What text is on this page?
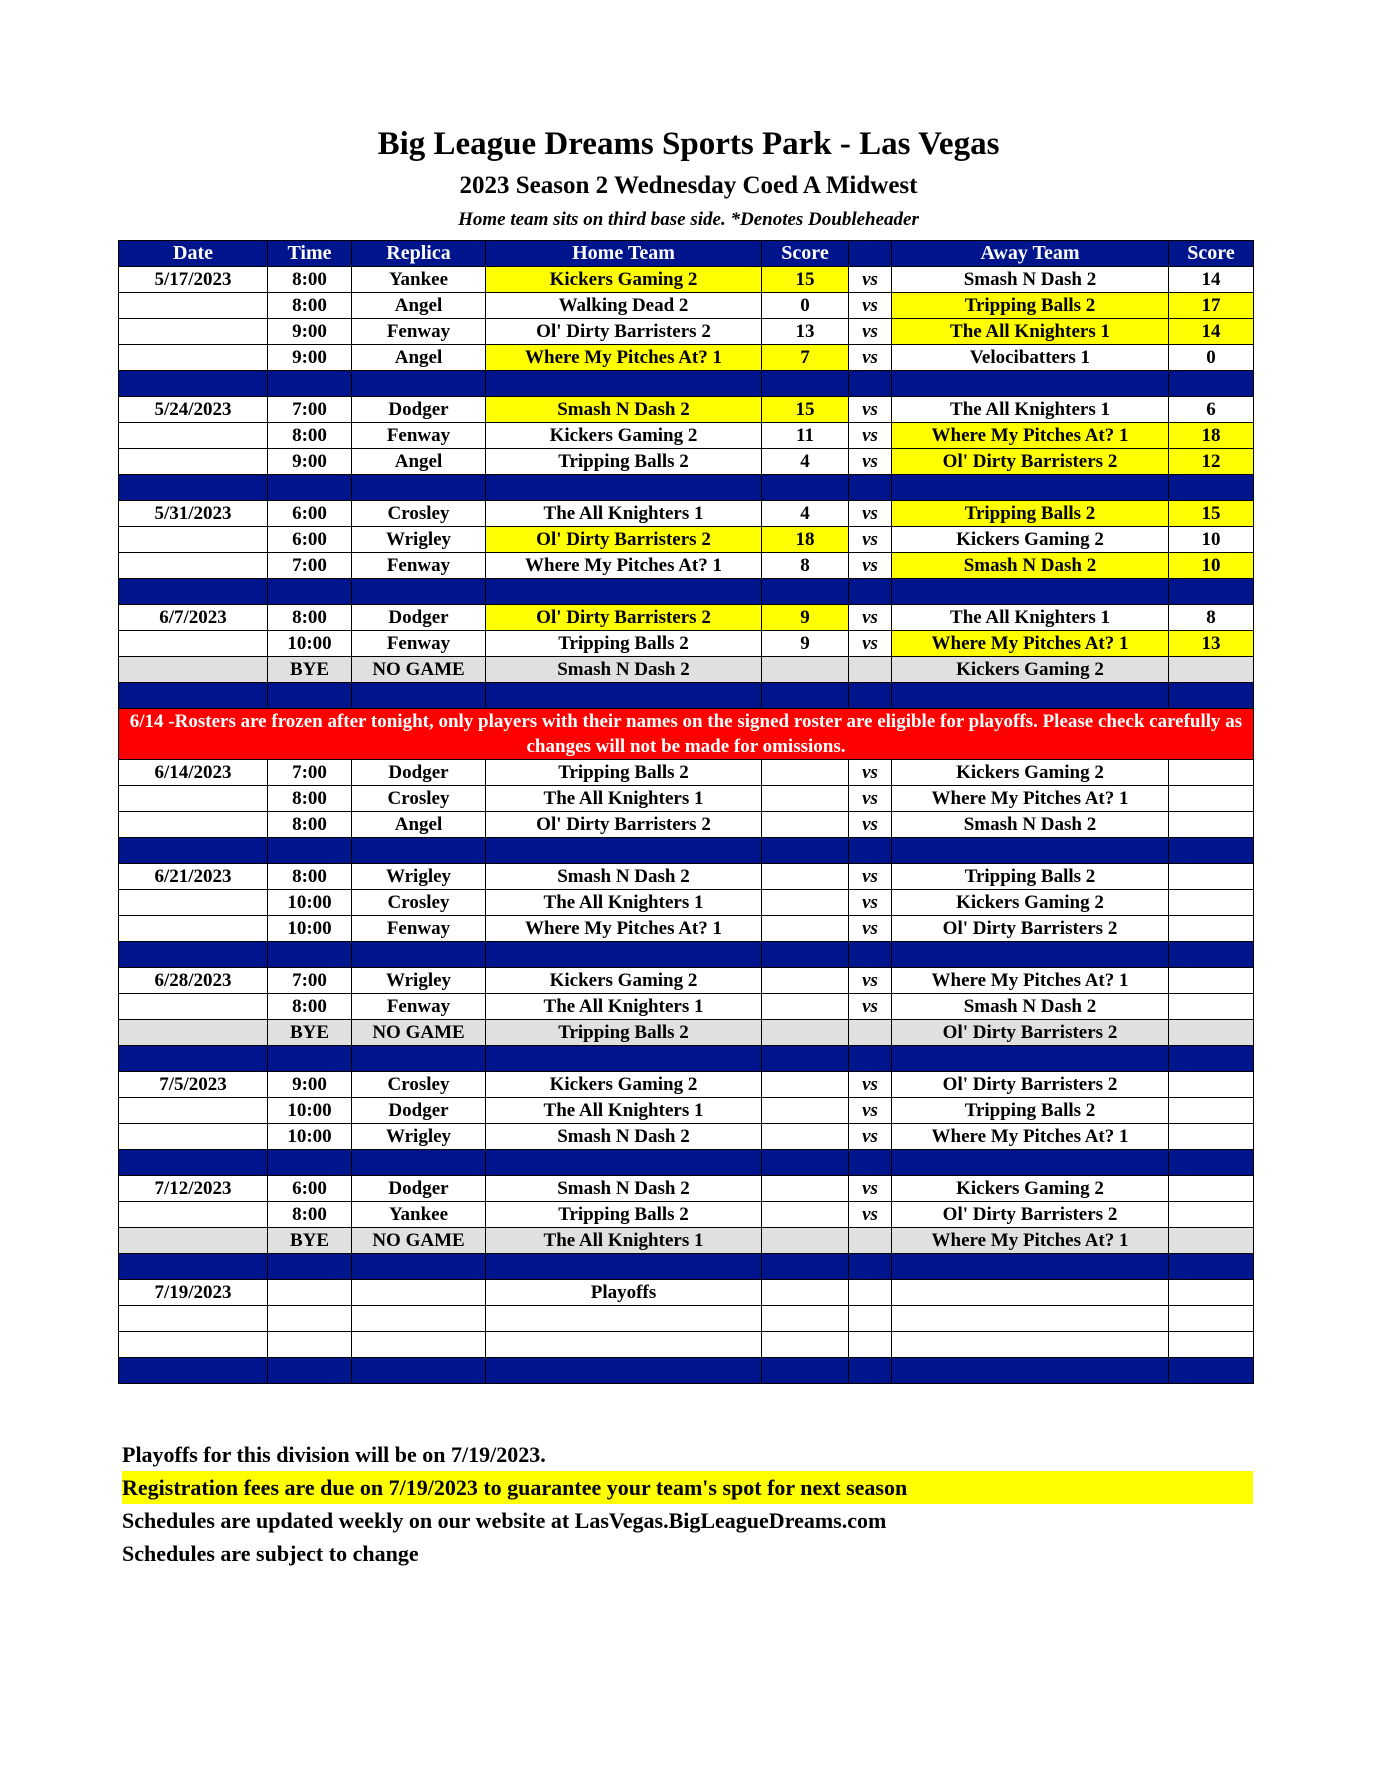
Big League Dreams Sports Park - Las Vegas
2023 Season 2 Wednesday Coed A Midwest
Home team sits on third base side. *Denotes Doubleheader
Date	Time	Replica	Home Team	Score		Away Team	Score
5/17/2023	8:00	Yankee	Kickers Gaming 2	15	vs	Smash N Dash 2	14
	8:00	Angel	Walking Dead 2	0	vs	Tripping Balls 2	17
	9:00	Fenway	Ol' Dirty Barristers 2	13	vs	The All Knighters 1	14
	9:00	Angel	Where My Pitches At? 1	7	vs	Velocibatters 1	0

5/24/2023	7:00	Dodger	Smash N Dash 2	15	vs	The All Knighters 1	6
	8:00	Fenway	Kickers Gaming 2	11	vs	Where My Pitches At? 1	18
	9:00	Angel	Tripping Balls 2	4	vs	Ol' Dirty Barristers 2	12

5/31/2023	6:00	Crosley	The All Knighters 1	4	vs	Tripping Balls 2	15
	6:00	Wrigley	Ol' Dirty Barristers 2	18	vs	Kickers Gaming 2	10
	7:00	Fenway	Where My Pitches At? 1	8	vs	Smash N Dash 2	10

6/7/2023	8:00	Dodger	Ol' Dirty Barristers 2	9	vs	The All Knighters 1	8
	10:00	Fenway	Tripping Balls 2	9	vs	Where My Pitches At? 1	13
	BYE	NO GAME	Smash N Dash 2			Kickers Gaming 2	

6/14 -Rosters are frozen after tonight, only players with their names on the signed roster are eligible for playoffs. Please check carefully as changes will not be made for omissions.							
6/14/2023	7:00	Dodger	Tripping Balls 2		vs	Kickers Gaming 2	
	8:00	Crosley	The All Knighters 1		vs	Where My Pitches At? 1	
	8:00	Angel	Ol' Dirty Barristers 2		vs	Smash N Dash 2	

6/21/2023	8:00	Wrigley	Smash N Dash 2		vs	Tripping Balls 2	
	10:00	Crosley	The All Knighters 1		vs	Kickers Gaming 2	
	10:00	Fenway	Where My Pitches At? 1		vs	Ol' Dirty Barristers 2	

6/28/2023	7:00	Wrigley	Kickers Gaming 2		vs	Where My Pitches At? 1	
	8:00	Fenway	The All Knighters 1		vs	Smash N Dash 2	
	BYE	NO GAME	Tripping Balls 2			Ol' Dirty Barristers 2	

7/5/2023	9:00	Crosley	Kickers Gaming 2		vs	Ol' Dirty Barristers 2	
	10:00	Dodger	The All Knighters 1		vs	Tripping Balls 2	
	10:00	Wrigley	Smash N Dash 2		vs	Where My Pitches At? 1	

7/12/2023	6:00	Dodger	Smash N Dash 2		vs	Kickers Gaming 2	
	8:00	Yankee	Tripping Balls 2		vs	Ol' Dirty Barristers 2	
	BYE	NO GAME	The All Knighters 1			Where My Pitches At? 1	

7/19/2023			Playoffs				

Playoffs for this division will be on 7/19/2023.
Registration fees are due on 7/19/2023 to guarantee your team's spot for next season
Schedules are updated weekly on our website at LasVegas.BigLeagueDreams.com
Schedules are subject to change
